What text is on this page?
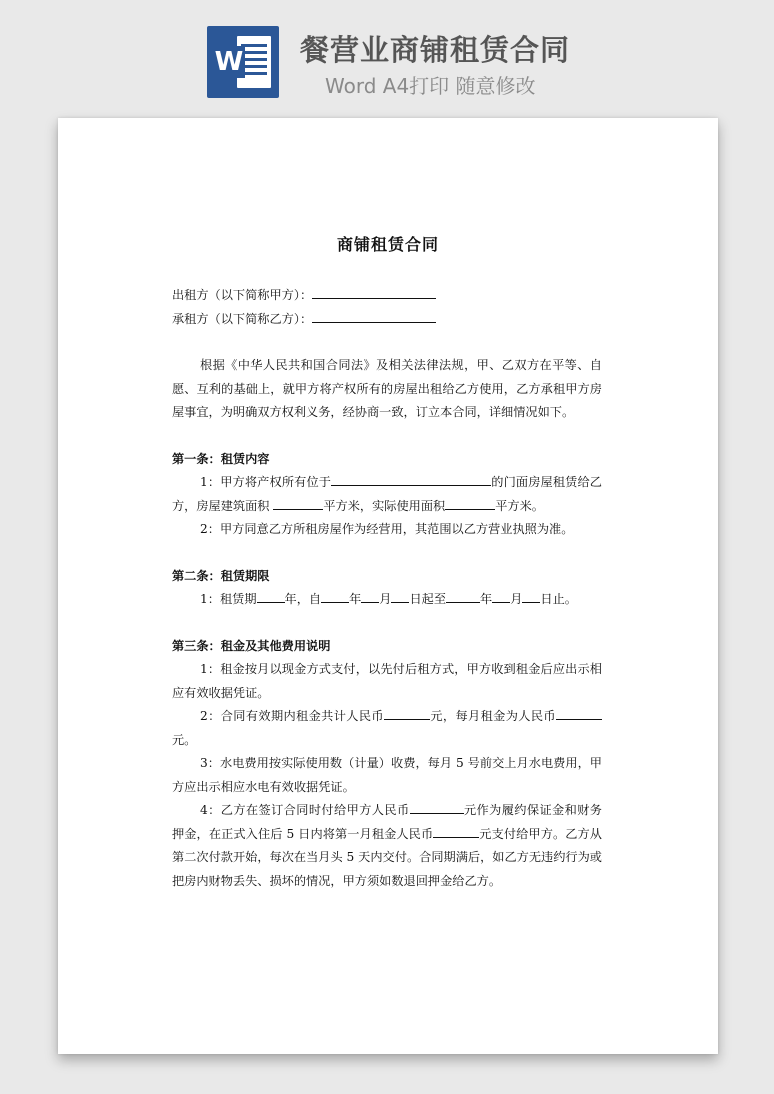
W 餐营业商铺租赁合同
Word A4打印 随意修改
商铺租赁合同

出租方（以下简称甲方）：

承租方（以下简称乙方）：

根据《中华人民共和国合同法》及相关法律法规，甲、乙双方在平等、自愿、互利的基础上，就甲方将产权所有的房屋出租给乙方使用，乙方承租甲方房屋事宜，为明确双方权利义务，经协商一致，订立本合同，详细情况如下。

第一条：租赁内容

1：甲方将产权所有位于	的门面房屋租赁给乙方，房屋建筑面积	平方米，实际使用面积	平方米。

2：甲方同意乙方所租房屋作为经营用，其范围以乙方营业执照为准。

第二条：租赁期限

1：租赁期 年，自 年 月 日起至	年 月 日止。

第三条：租金及其他费用说明

1：租金按月以现金方式支付，以先付后租方式，甲方收到租金后应出示相应有效收据凭证。

2：合同有效期内租金共计人民币	元，每月租金为人民币元。

3：水电费用按实际使用数（计量）收费，每月 5 号前交上月水电费用，甲方应出示相应水电有效收据凭证。

4：乙方在签订合同时付给甲方人民币	元作为履约保证金和财务押金，在正式入住后 5 日内将第一月租金人民币	元支付给甲方。乙方从第二次付款开始，每次在当月头 5 天内交付。合同期满后，如乙方无违约行为或把房内财物丢失、损坏的情况，甲方须如数退回押金给乙方。
